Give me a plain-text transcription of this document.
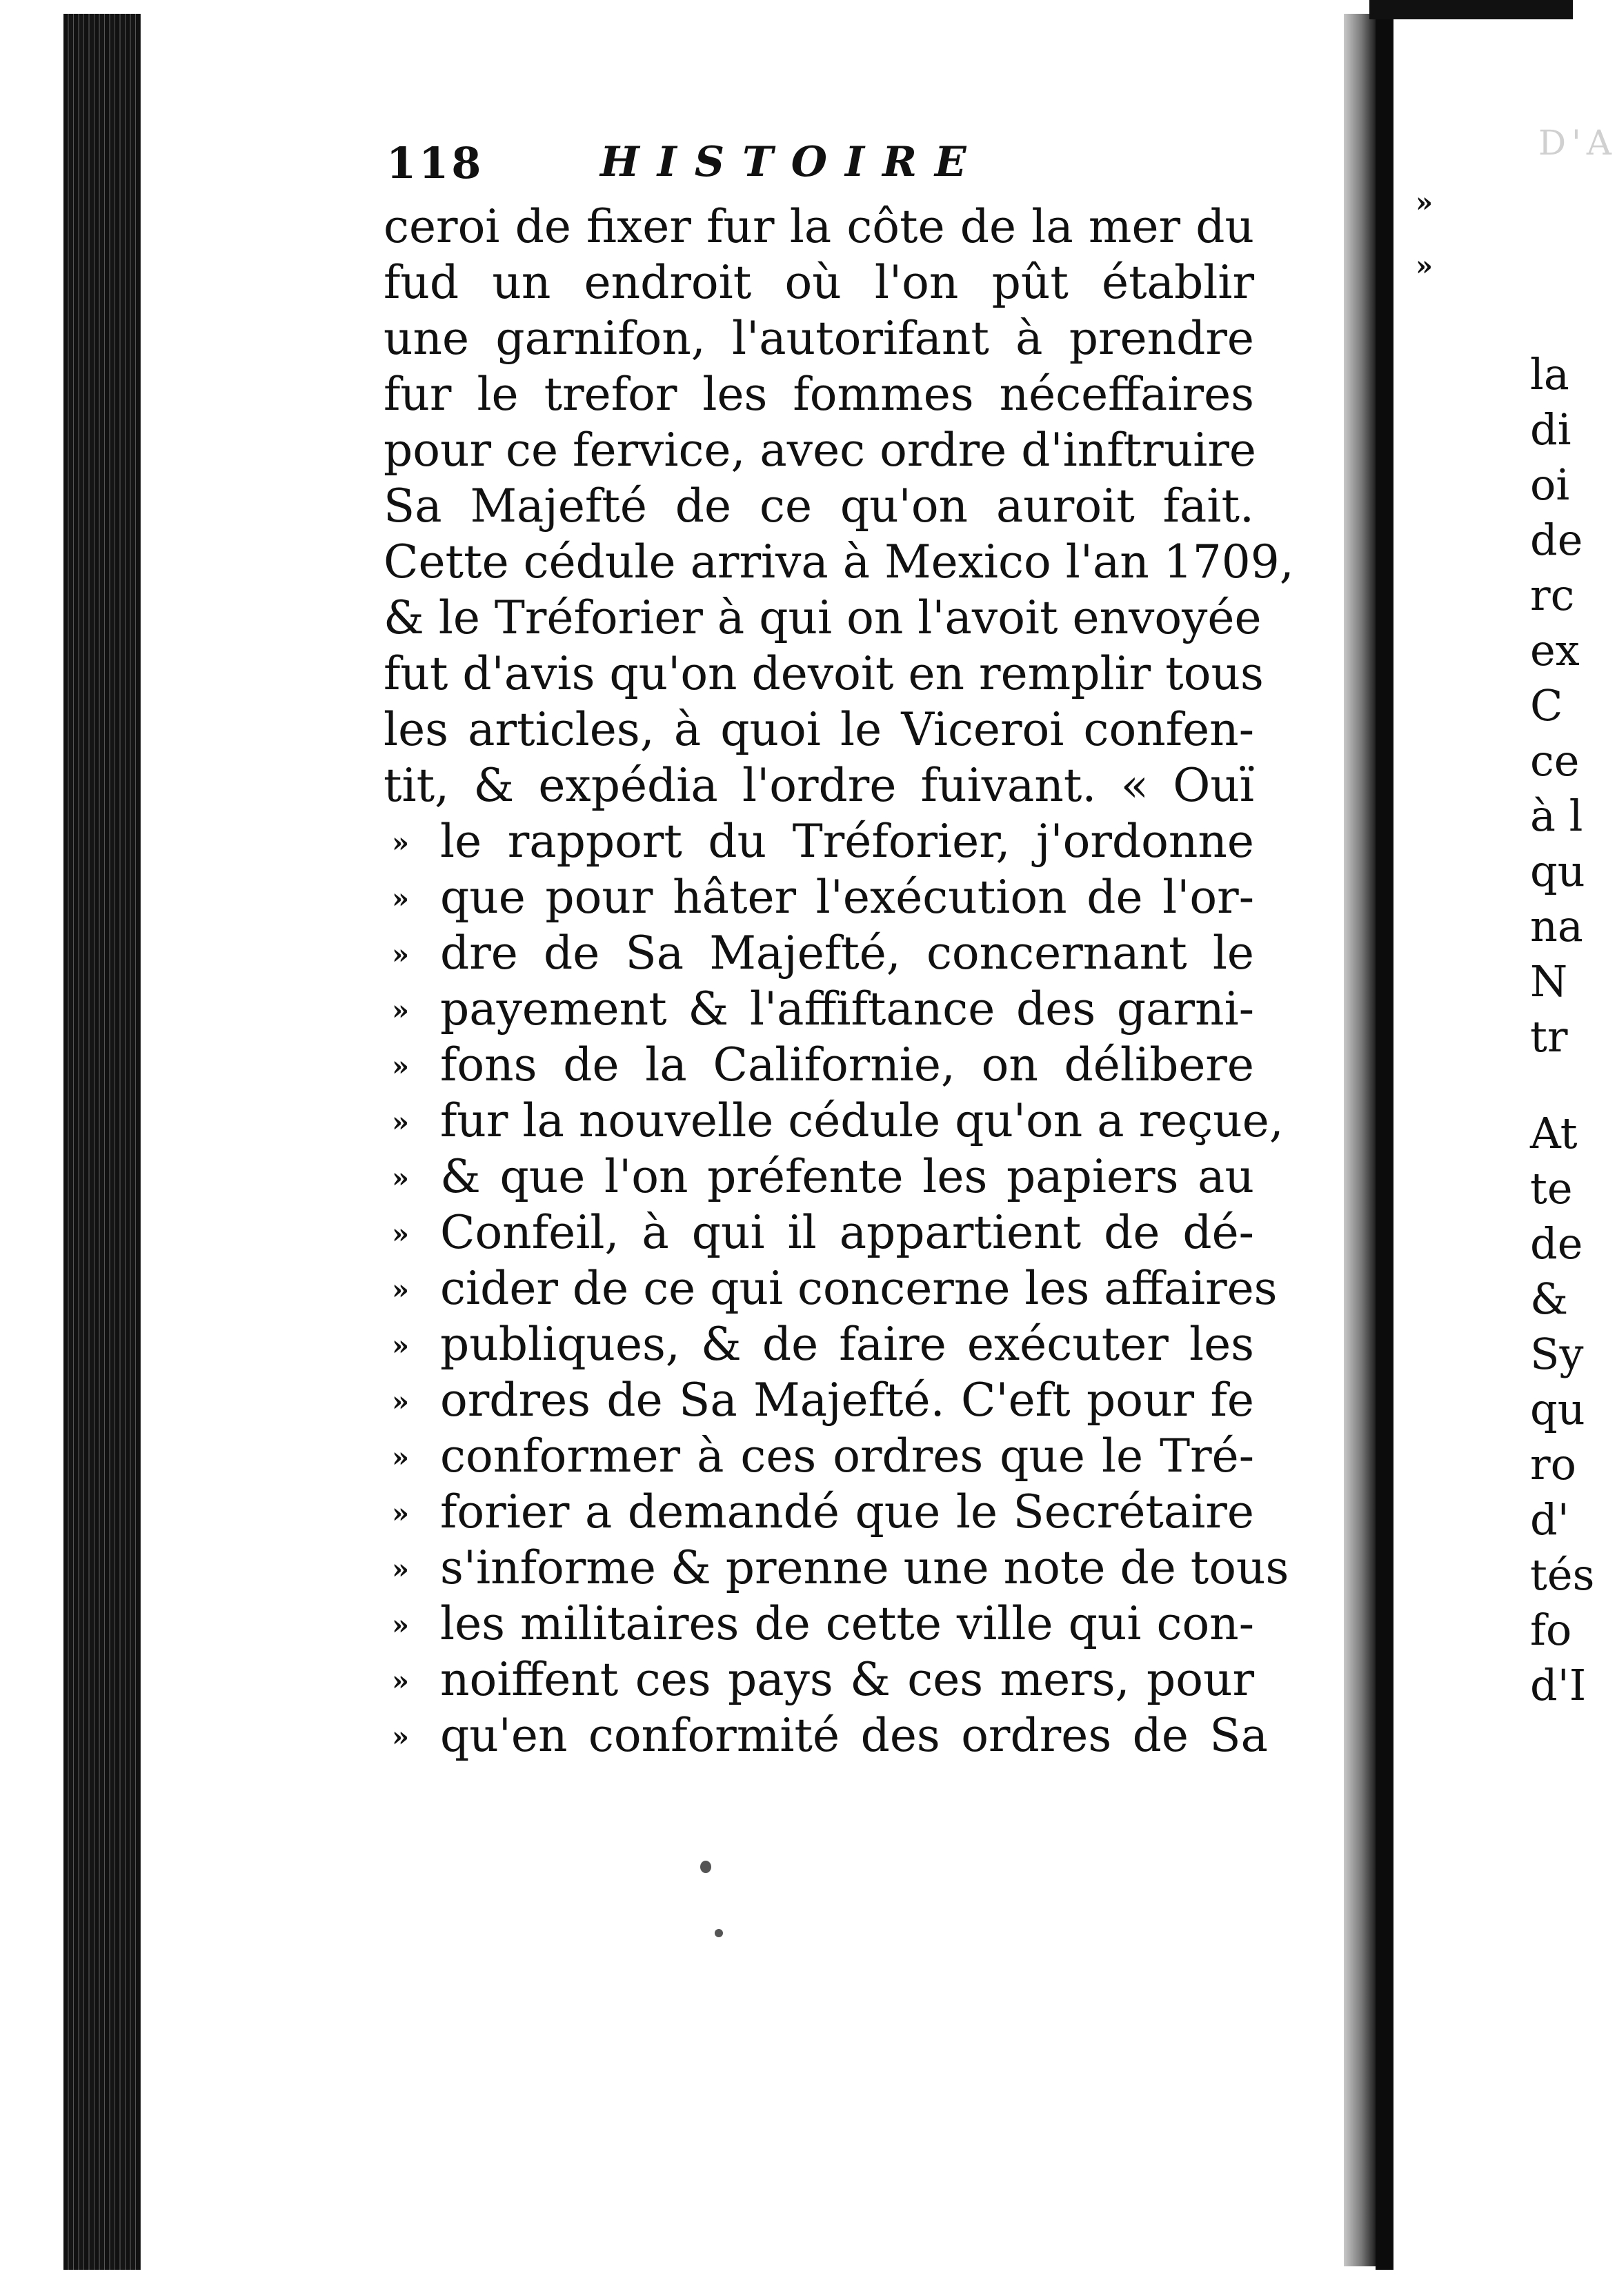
118	HISTOIRE
ceroi de fixer fur la côte de la mer du
fud un endroit où l'on pût établir
une garnifon, l'autorifant à prendre
fur le trefor les fommes néceffaires
pour ce fervice, avec ordre d'inftruire
Sa Majefté de ce qu'on auroit fait.
Cette cédule arriva à Mexico l'an 1709,
& le Tréforier à qui on l'avoit envoyée
fut d'avis qu'on devoit en remplir tous
les articles, à quoi le Viceroi confen-
tit, & expédia l'ordre fuivant. « Ouï
» le rapport du Tréforier, j'ordonne
» que pour hâter l'exécution de l'or-
» dre de Sa Majefté, concernant le
» payement & l'affiftance des garni-
» fons de la Californie, on délibere
» fur la nouvelle cédule qu'on a reçue,
» & que l'on préfente les papiers au
» Confeil, à qui il appartient de dé-
» cider de ce qui concerne les affaires
» publiques, & de faire exécuter les
» ordres de Sa Majefté. C'eft pour fe
» conformer à ces ordres que le Tré-
» forier a demandé que le Secrétaire
» s'informe & prenne une note de tous
» les militaires de cette ville qui con-
» noiffent ces pays & ces mers, pour
» qu'en conformité des ordres de Sa
D'A
»
»
la
di
oi
de
rc
ex
C
ce
à l
qu
na
N
tr
At
te
de
&
Sy
qu
ro
d'
tés
fo
d'I
